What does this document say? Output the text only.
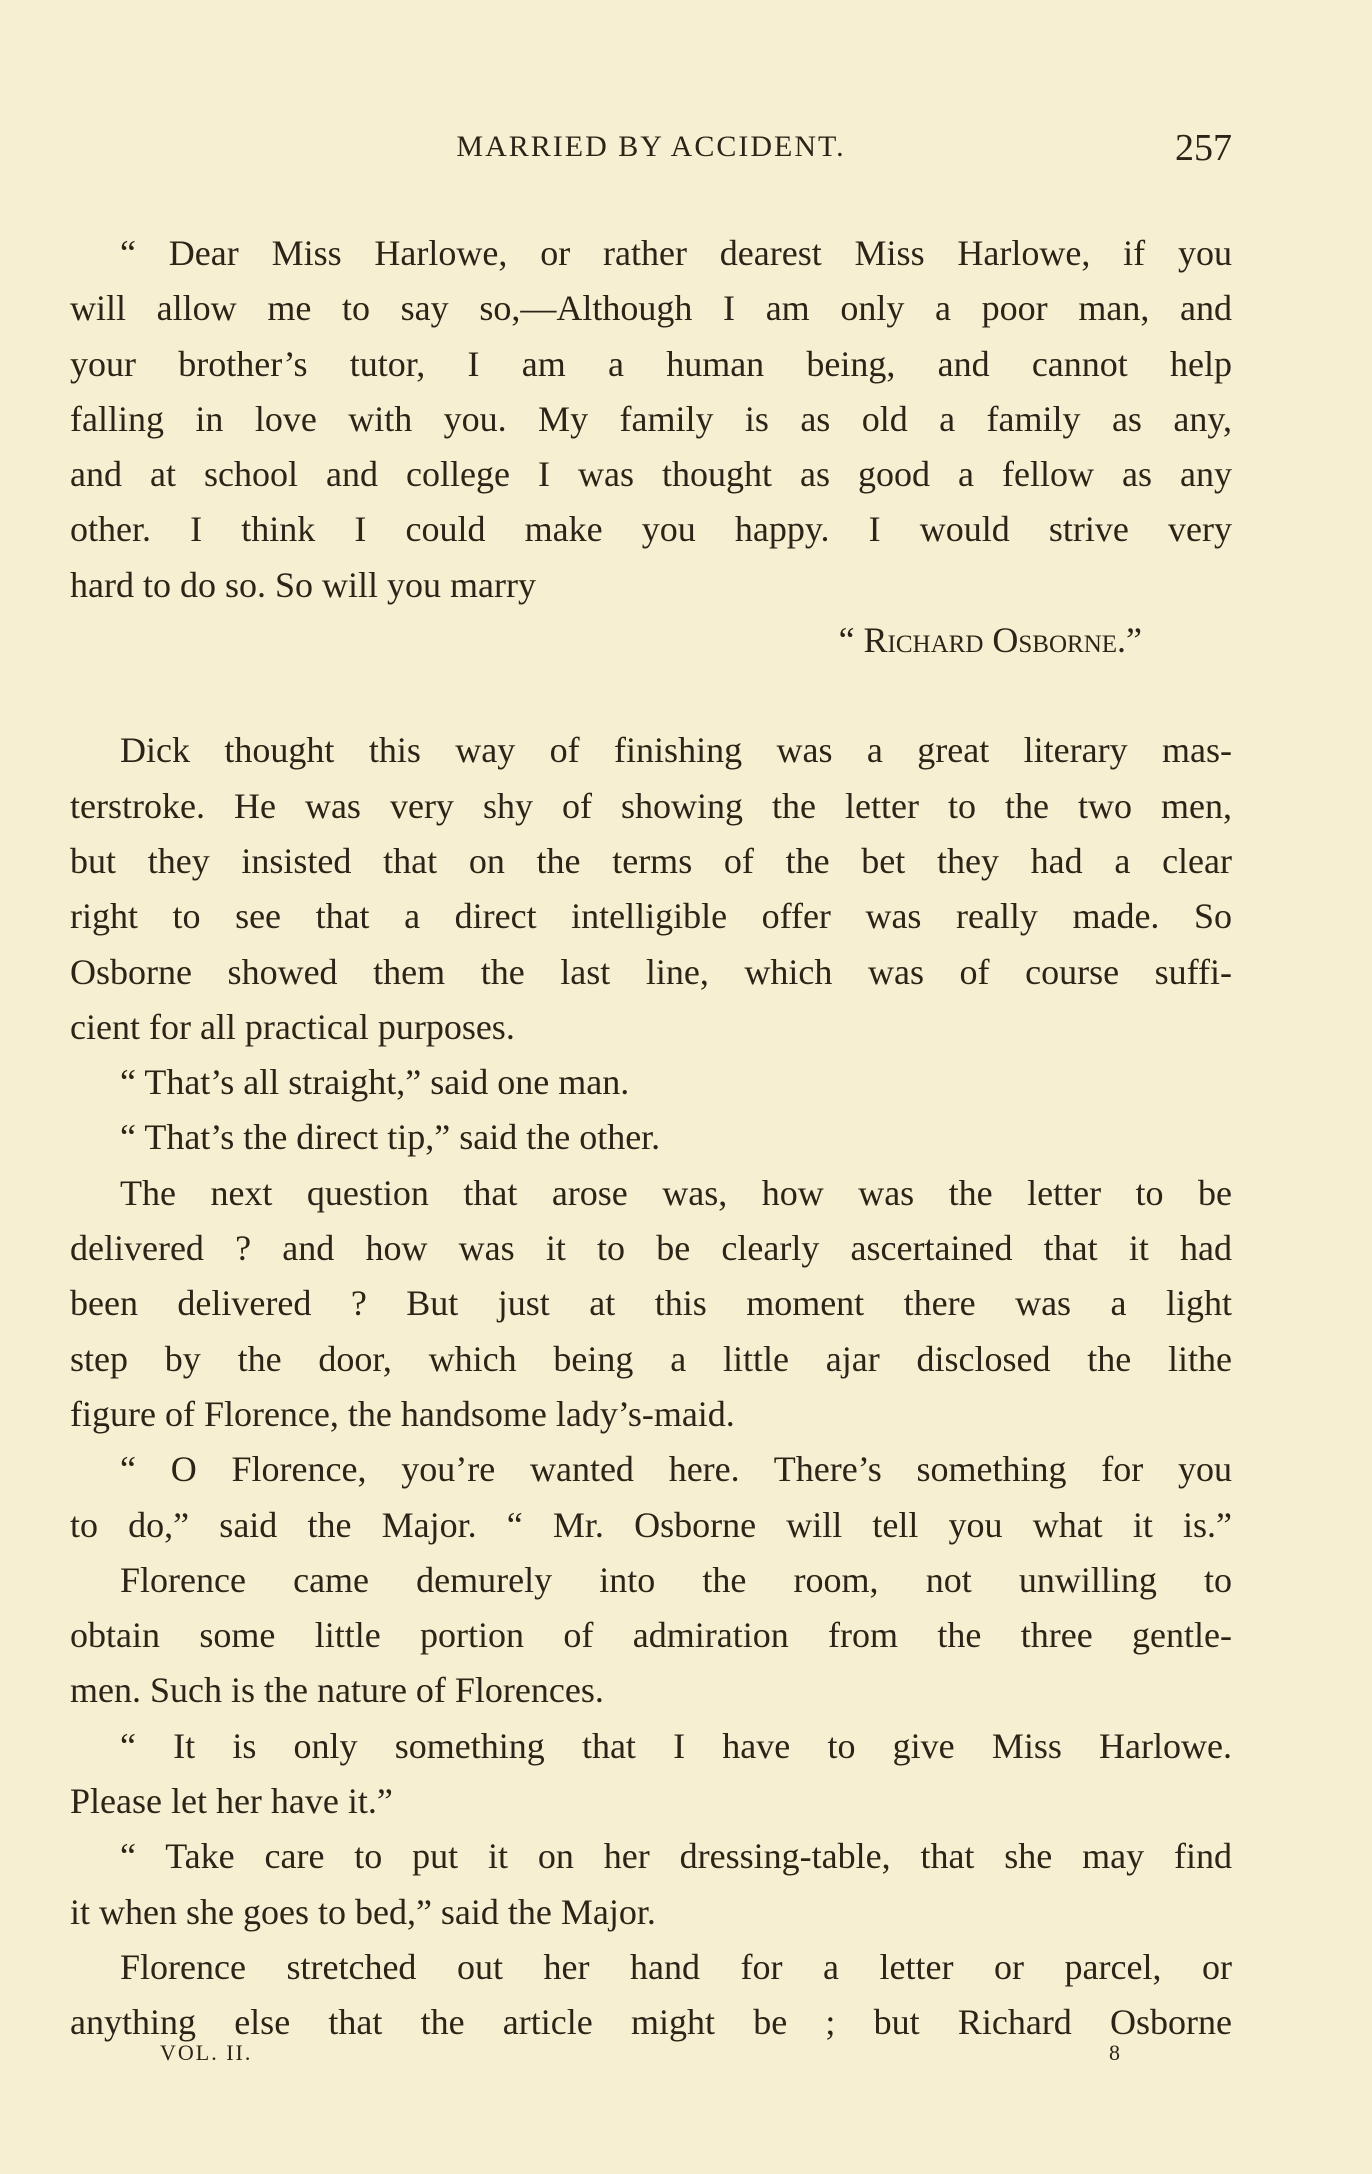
MARRIED BY ACCIDENT.	257
“ Dear Miss Harlowe, or rather dearest Miss Harlowe, if you
will allow me to say so,—Although I am only a poor man, and
your brother’s tutor, I am a human being, and cannot help
falling in love with you. My family is as old a family as any,
and at school and college I was thought as good a fellow as any
other. I think I could make you happy. I would strive very
hard to do so. So will you marry
“ Richard Osborne.”
Dick thought this way of finishing was a great literary mas-
terstroke. He was very shy of showing the letter to the two men,
but they insisted that on the terms of the bet they had a clear
right to see that a direct intelligible offer was really made. So
Osborne showed them the last line, which was of course suffi-
cient for all practical purposes.
“ That’s all straight,” said one man.
“ That’s the direct tip,” said the other.
The next question that arose was, how was the letter to be
delivered ? and how was it to be clearly ascertained that it had
been delivered ? But just at this moment there was a light
step by the door, which being a little ajar disclosed the lithe
figure of Florence, the handsome lady’s-maid.
“ O Florence, you’re wanted here. There’s something for you
to do,” said the Major. “ Mr. Osborne will tell you what it is.”
Florence came demurely into the room, not unwilling to
obtain some little portion of admiration from the three gentle-
men. Such is the nature of Florences.
“ It is only something that I have to give Miss Harlowe.
Please let her have it.”
“ Take care to put it on her dressing-table, that she may find
it when she goes to bed,” said the Major.
Florence stretched out her hand for a letter or parcel, or
anything else that the article might be ; but Richard Osborne
VOL. II.	8
